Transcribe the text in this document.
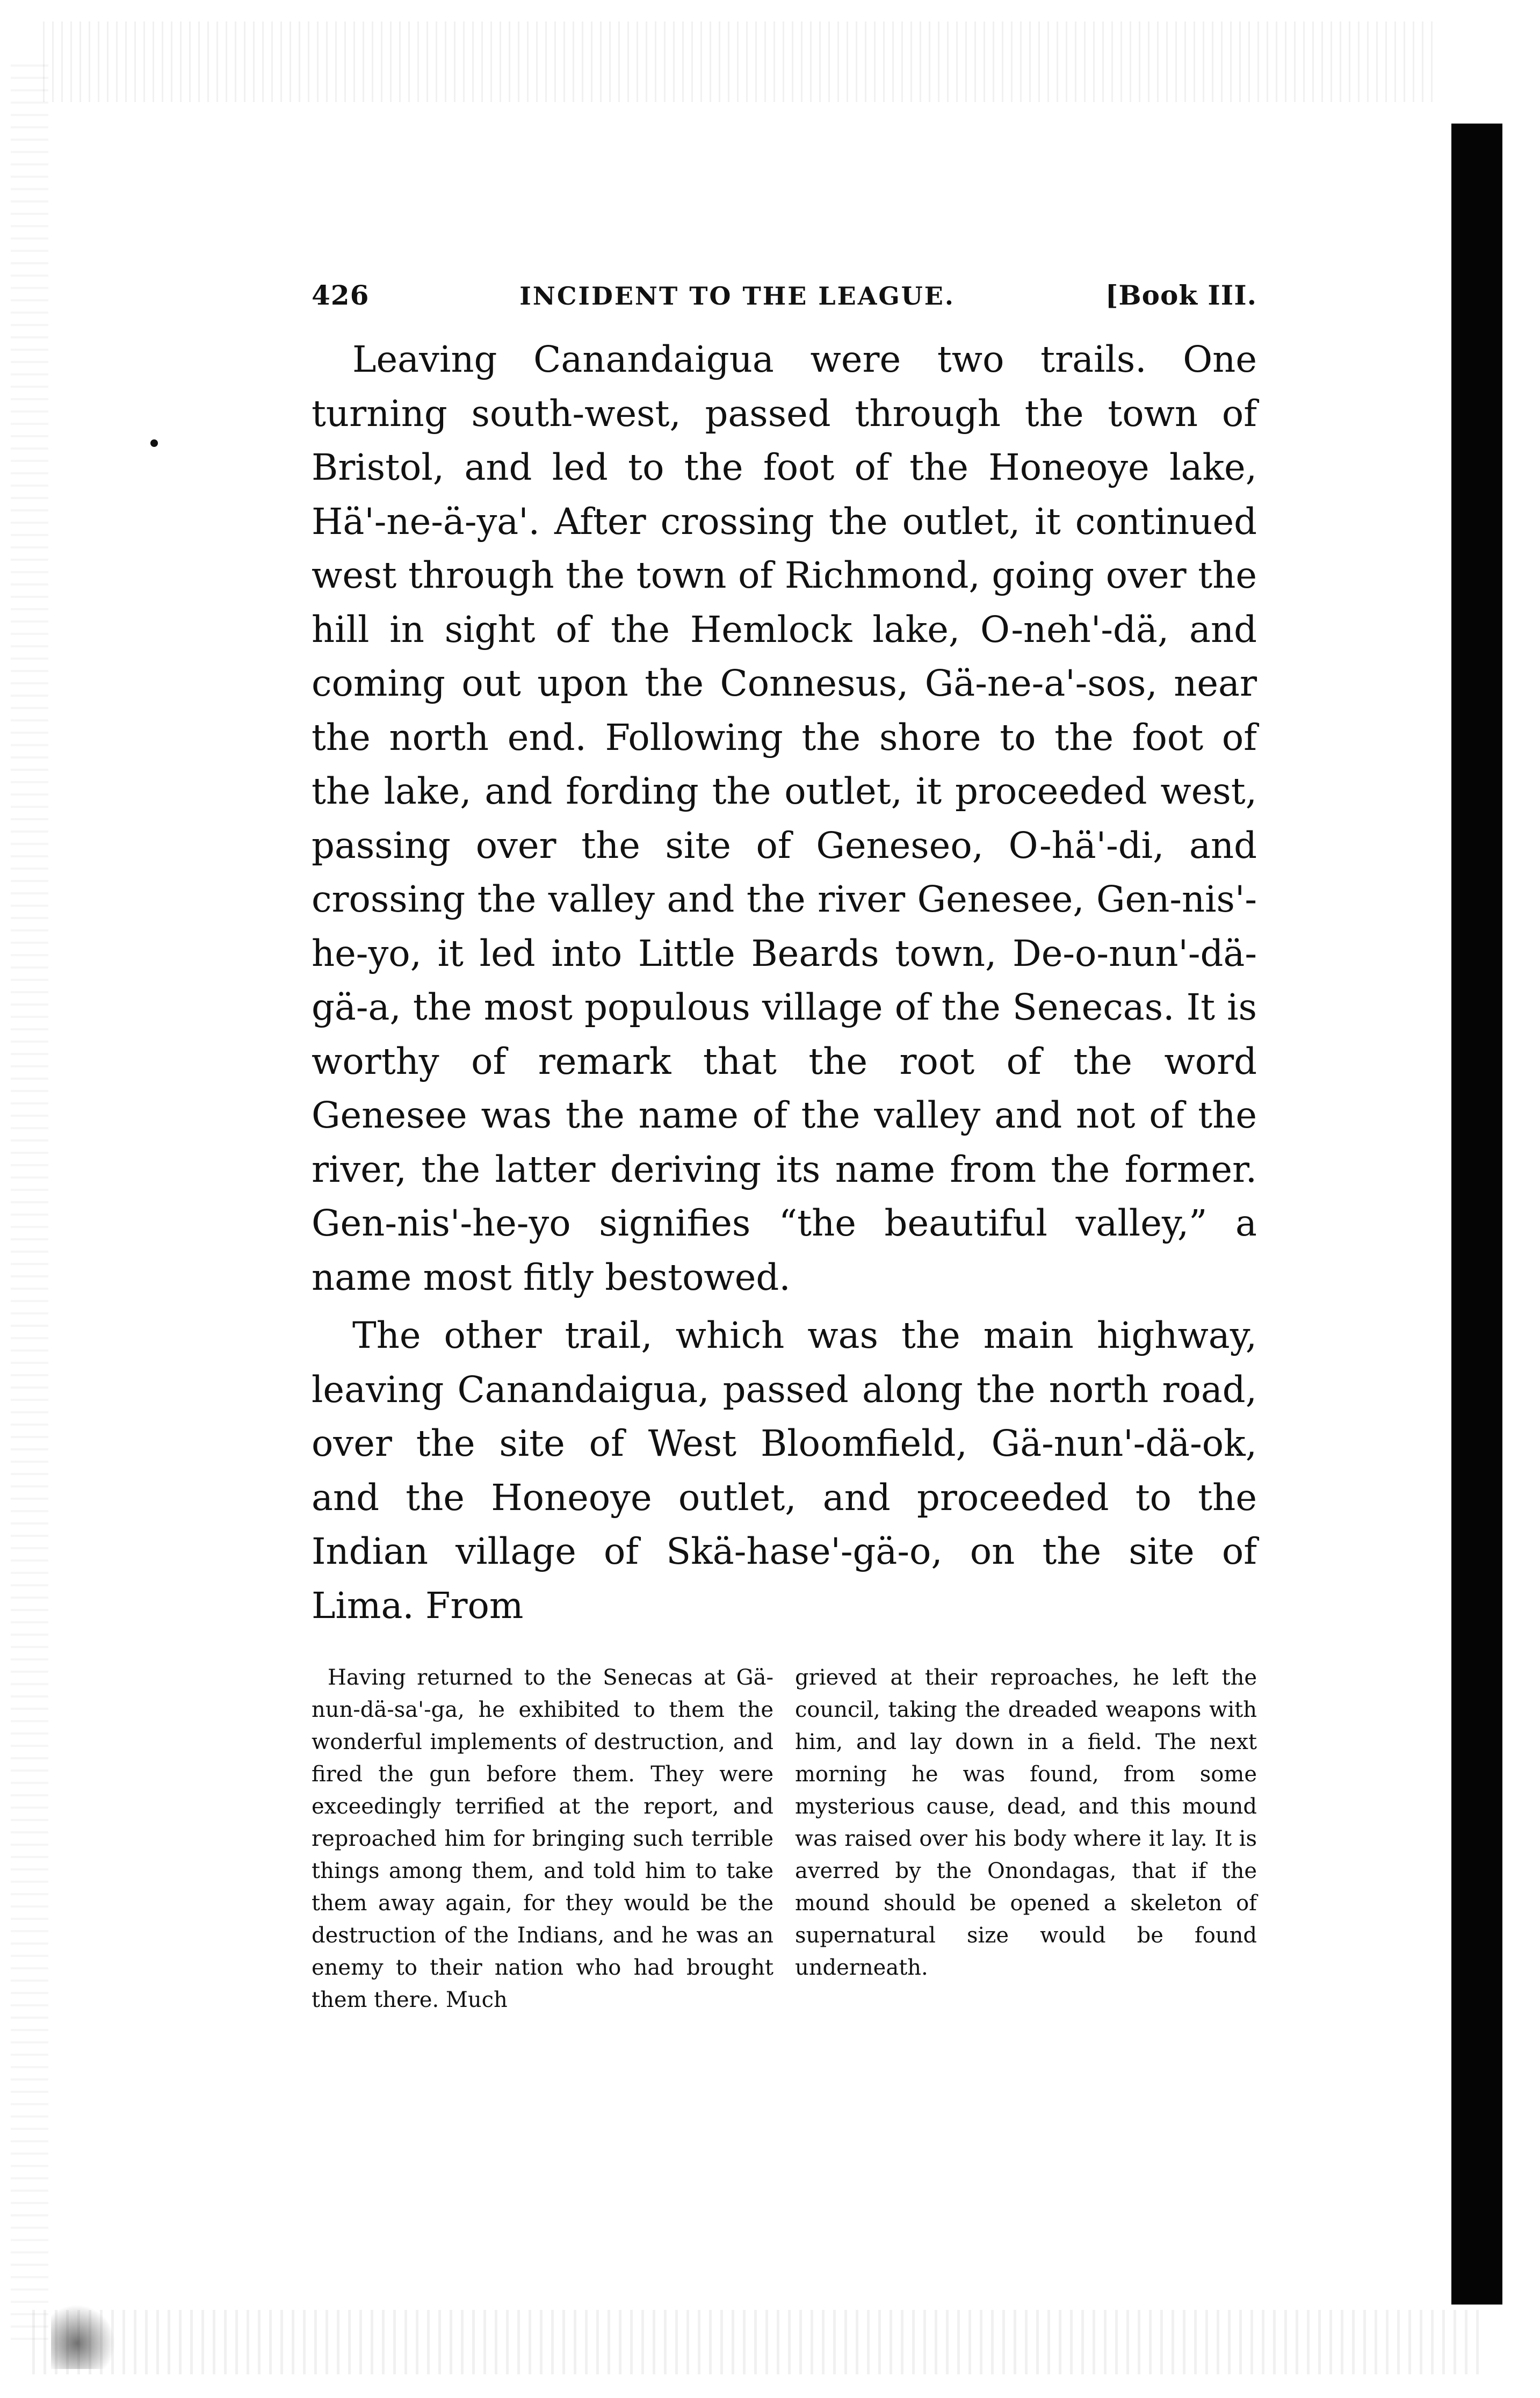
426	INCIDENT TO THE LEAGUE.	[Book III.

Leaving Canandaigua were two trails. One turning south-west, passed through the town of Bristol, and led to the foot of the Honeoye lake, Hä'-ne-ä-ya'. After crossing the outlet, it continued west through the town of Richmond, going over the hill in sight of the Hemlock lake, O-neh'-dä, and coming out upon the Connesus, Gä-ne-a'-sos, near the north end. Following the shore to the foot of the lake, and fording the outlet, it proceeded west, passing over the site of Geneseo, O-hä'-di, and crossing the valley and the river Genesee, Gen-nis'-he-yo, it led into Little Beards town, De-o-nun'-dä-gä-a, the most populous village of the Senecas. It is worthy of remark that the root of the word Genesee was the name of the valley and not of the river, the latter deriving its name from the former. Gen-nis'-he-yo signifies “the beautiful valley,” a name most fitly bestowed.

The other trail, which was the main highway, leaving Canandaigua, passed along the north road, over the site of West Bloomfield, Gä-nun'-dä-ok, and the Honeoye outlet, and proceeded to the Indian village of Skä-hase'-gä-o, on the site of Lima. From

Having returned to the Senecas at Gä-nun-dä-sa'-ga, he exhibited to them the wonderful implements of destruction, and fired the gun before them. They were exceedingly terrified at the report, and reproached him for bringing such terrible things among them, and told him to take them away again, for they would be the destruction of the Indians, and he was an enemy to their nation who had brought them there. Much

grieved at their reproaches, he left the council, taking the dreaded weapons with him, and lay down in a field. The next morning he was found, from some mysterious cause, dead, and this mound was raised over his body where it lay. It is averred by the Onondagas, that if the mound should be opened a skeleton of supernatural size would be found underneath.
